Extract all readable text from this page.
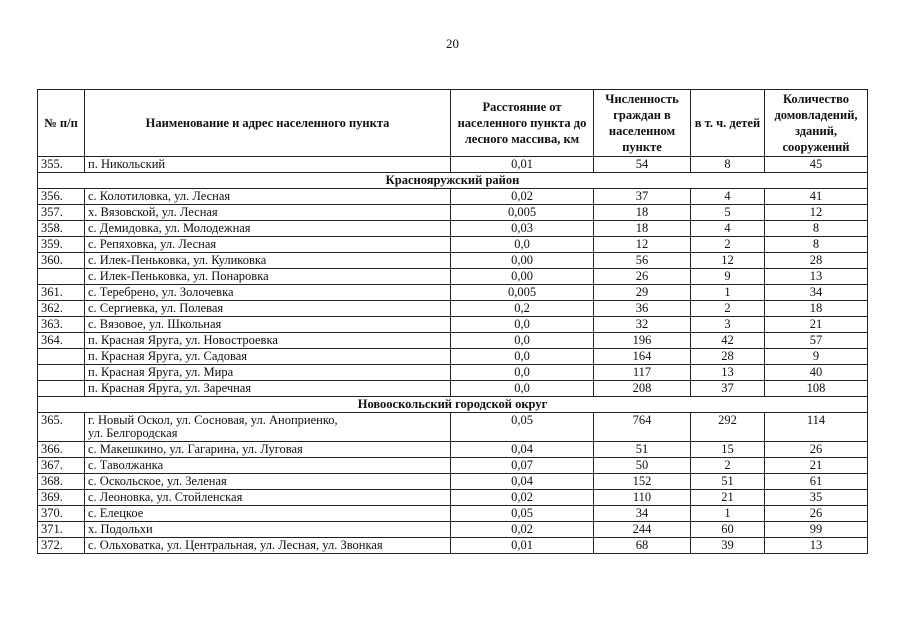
20
№ п/п	Наименование и адрес населенного пункта	Расстояние от населенного пункта до лесного массива, км	Численность граждан в населенном пункте	в т. ч. детей	Количество домовладений, зданий, сооружений
355.	п. Никольский	0,01	54	8	45
Краснояружский район					
356.	с. Колотиловка, ул. Лесная	0,02	37	4	41
357.	х. Вязовской, ул. Лесная	0,005	18	5	12
358.	с. Демидовка, ул. Молодежная	0,03	18	4	8
359.	с. Репяховка, ул. Лесная	0,0	12	2	8
360.	с. Илек-Пеньковка, ул. Куликовка	0,00	56	12	28
	с. Илек-Пеньковка, ул. Понаровка	0,00	26	9	13
361.	с. Теребрено, ул. Золочевка	0,005	29	1	34
362.	с. Сергиевка, ул. Полевая	0,2	36	2	18
363.	с. Вязовое, ул. Школьная	0,0	32	3	21
364.	п. Красная Яруга, ул. Новостроевка	0,0	196	42	57
	п. Красная Яруга, ул. Садовая	0,0	164	28	9
	п. Красная Яруга, ул. Мира	0,0	117	13	40
	п. Красная Яруга, ул. Заречная	0,0	208	37	108
Новооскольский городской округ					
365.	г. Новый Оскол, ул. Сосновая, ул. Аноприенко,
ул. Белгородская	0,05	764	292	114
366.	с. Макешкино, ул. Гагарина, ул. Луговая	0,04	51	15	26
367.	с. Таволжанка	0,07	50	2	21
368.	с. Оскольское, ул. Зеленая	0,04	152	51	61
369.	с. Леоновка, ул. Стойленская	0,02	110	21	35
370.	с. Елецкое	0,05	34	1	26
371.	х. Подольхи	0,02	244	60	99
372.	с. Ольховатка, ул. Центральная, ул. Лесная, ул. Звонкая	0,01	68	39	13
